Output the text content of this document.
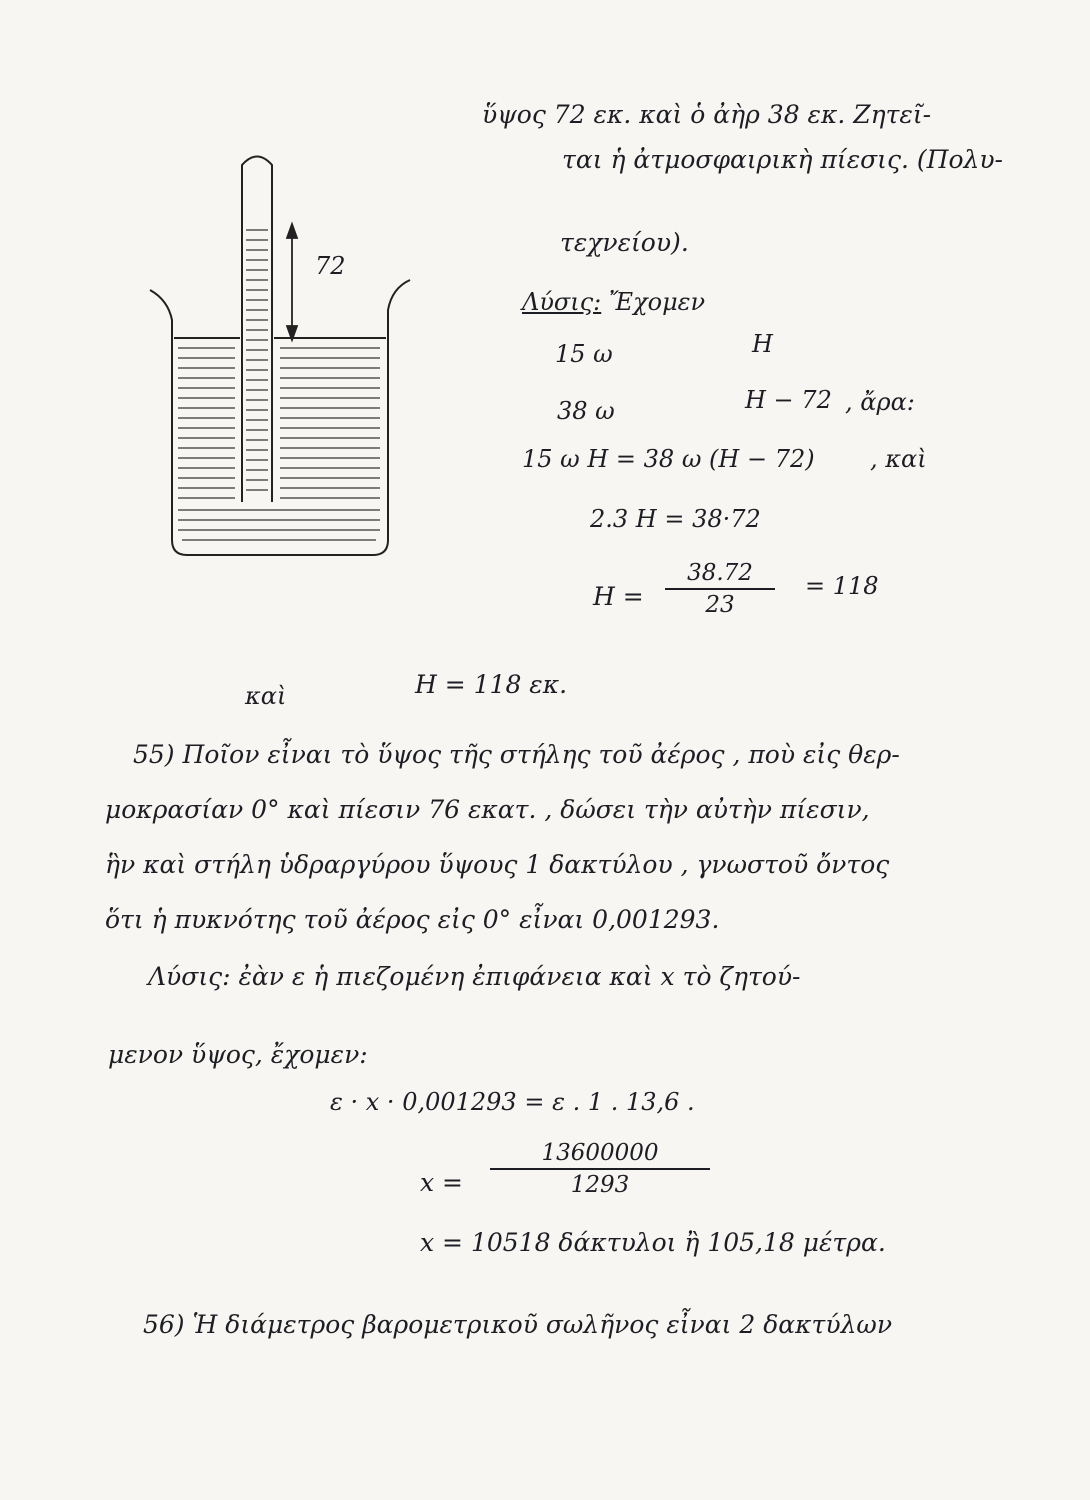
ὕψος 72 εκ. καὶ ὁ ἀὴρ 38 εκ. Ζητεῖ-
ται ἡ ἀτμοσφαιρικὴ πίεσις. (Πολυ-
τεχνείου).
72
Λύσις: Ἔχομεν
15 ω	Η
38 ω	Η − 72 , ἄρα:
15 ω Η = 38 ω (Η − 72) , καὶ
2.3 Η = 38·72
Η =
38.72
23
= 118
καὶ	Η = 118 εκ.
55) Ποῖον εἶναι τὸ ὕψος τῆς στήλης τοῦ ἀέρος , ποὺ εἰς θερ-
μοκρασίαν 0° καὶ πίεσιν 76 εκατ. , δώσει τὴν αὐτὴν πίεσιν,
ἣν καὶ στήλη ὑδραργύρου ὕψους 1 δακτύλου , γνωστοῦ ὄντος
ὅτι ἡ πυκνότης τοῦ ἀέρος εἰς 0° εἶναι 0,001293.
Λύσις: ἐὰν ε ἡ πιεζομένη ἐπιφάνεια καὶ x τὸ ζητού-
μενον ὕψος, ἔχομεν:
ε · x · 0,001293 = ε . 1 . 13,6 .
x =
13600000
1293
x = 10518 δάκτυλοι ἢ 105,18 μέτρα.
56) Ἡ διάμετρος βαρομετρικοῦ σωλῆνος εἶναι 2 δακτύλων
